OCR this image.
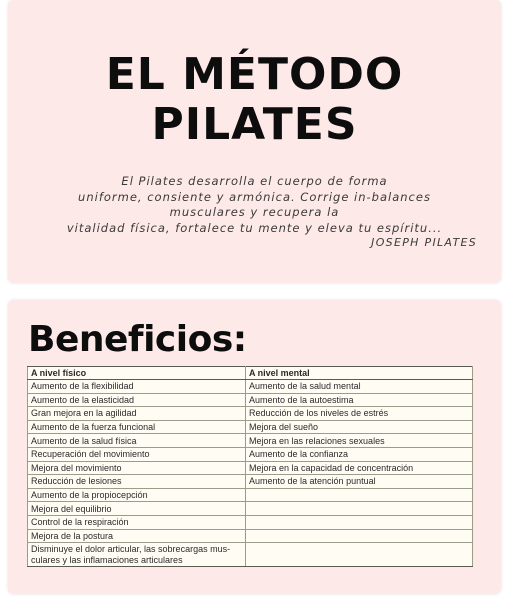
EL MÉTODO
PILATES
El Pilates desarrolla el cuerpo de forma
uniforme, consiente y armónica. Corrige in-balances
musculares y recupera la
vitalidad física, fortalece tu mente y eleva tu espíritu...
JOSEPH PILATES
Beneficios:
A nivel físico	A nivel mental
Aumento de la flexibilidad	Aumento de la salud mental
Aumento de la elasticidad	Aumento de la autoestima
Gran mejora en la agilidad	Reducción de los niveles de estrés
Aumento de la fuerza funcional	Mejora del sueño
Aumento de la salud física	Mejora en las relaciones sexuales
Recuperación del movimiento	Aumento de la confianza
Mejora del movimiento	Mejora en la capacidad de concentración
Reducción de lesiones	Aumento de la atención puntual
Aumento de la propiocepción	
Mejora del equilibrio	
Control de la respiración	
Mejora de la postura	
Disminuye el dolor articular, las sobrecargas mus-culares y las inflamaciones articulares	
